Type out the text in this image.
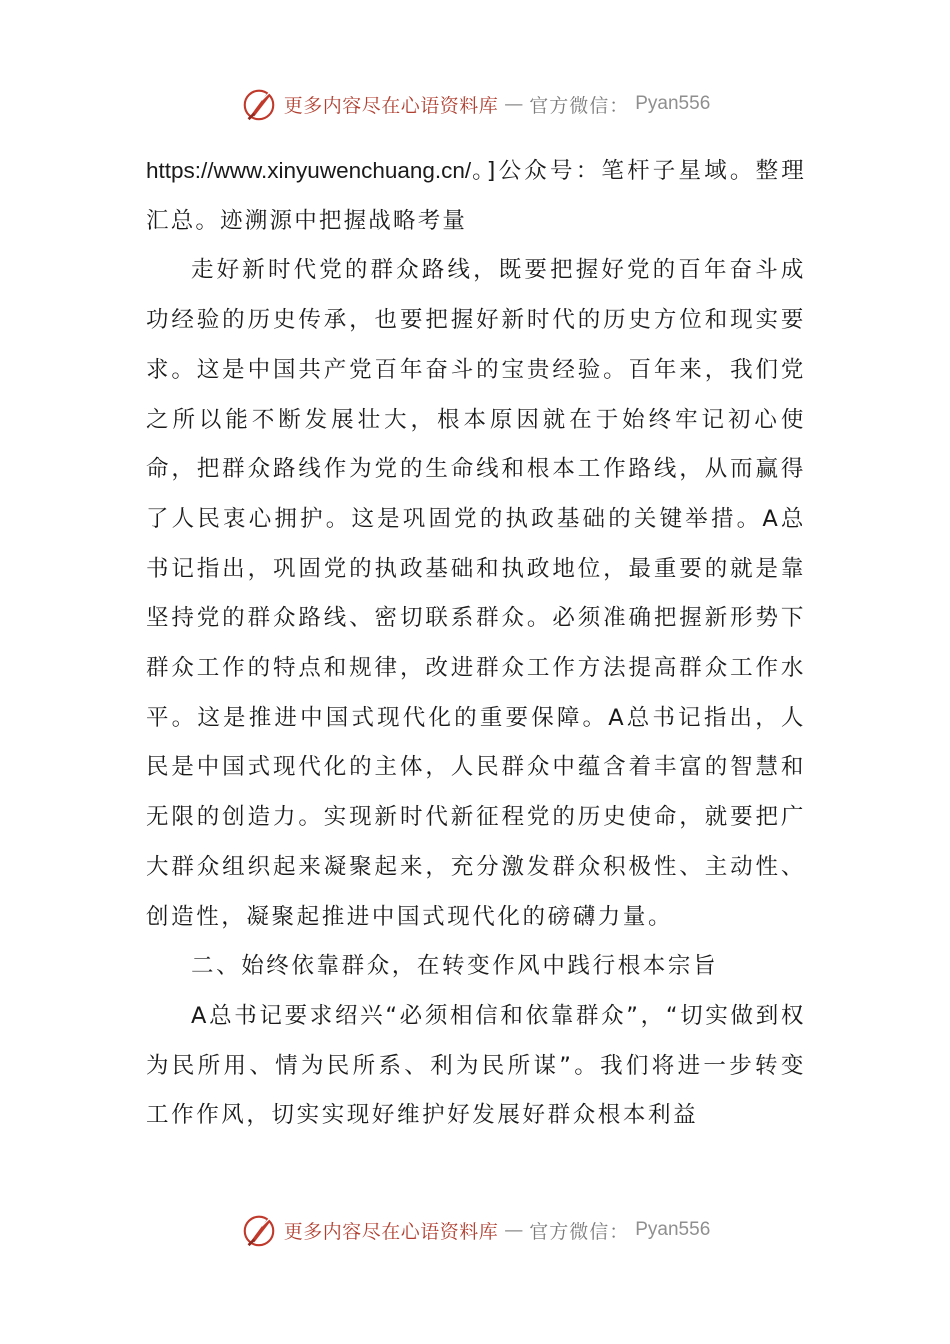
更多内容尽在心语资料库 — 官方微信： Pyan556

https://www.xinyuwenchuang.cn/。]公众号：笔杆子星域。整理汇总。迹溯源中把握战略考量

走好新时代党的群众路线，既要把握好党的百年奋斗成功经验的历史传承，也要把握好新时代的历史方位和现实要求。这是中国共产党百年奋斗的宝贵经验。百年来，我们党之所以能不断发展壮大，根本原因就在于始终牢记初心使命，把群众路线作为党的生命线和根本工作路线，从而赢得了人民衷心拥护。这是巩固党的执政基础的关键举措。A总书记指出，巩固党的执政基础和执政地位，最重要的就是靠坚持党的群众路线、密切联系群众。必须准确把握新形势下群众工作的特点和规律，改进群众工作方法提高群众工作水平。这是推进中国式现代化的重要保障。A总书记指出，人民是中国式现代化的主体，人民群众中蕴含着丰富的智慧和无限的创造力。实现新时代新征程党的历史使命，就要把广大群众组织起来凝聚起来，充分激发群众积极性、主动性、创造性，凝聚起推进中国式现代化的磅礴力量。

二、始终依靠群众，在转变作风中践行根本宗旨

A总书记要求绍兴“必须相信和依靠群众”，“切实做到权为民所用、情为民所系、利为民所谋”。我们将进一步转变工作作风，切实实现好维护好发展好群众根本利益

更多内容尽在心语资料库 — 官方微信： Pyan556
